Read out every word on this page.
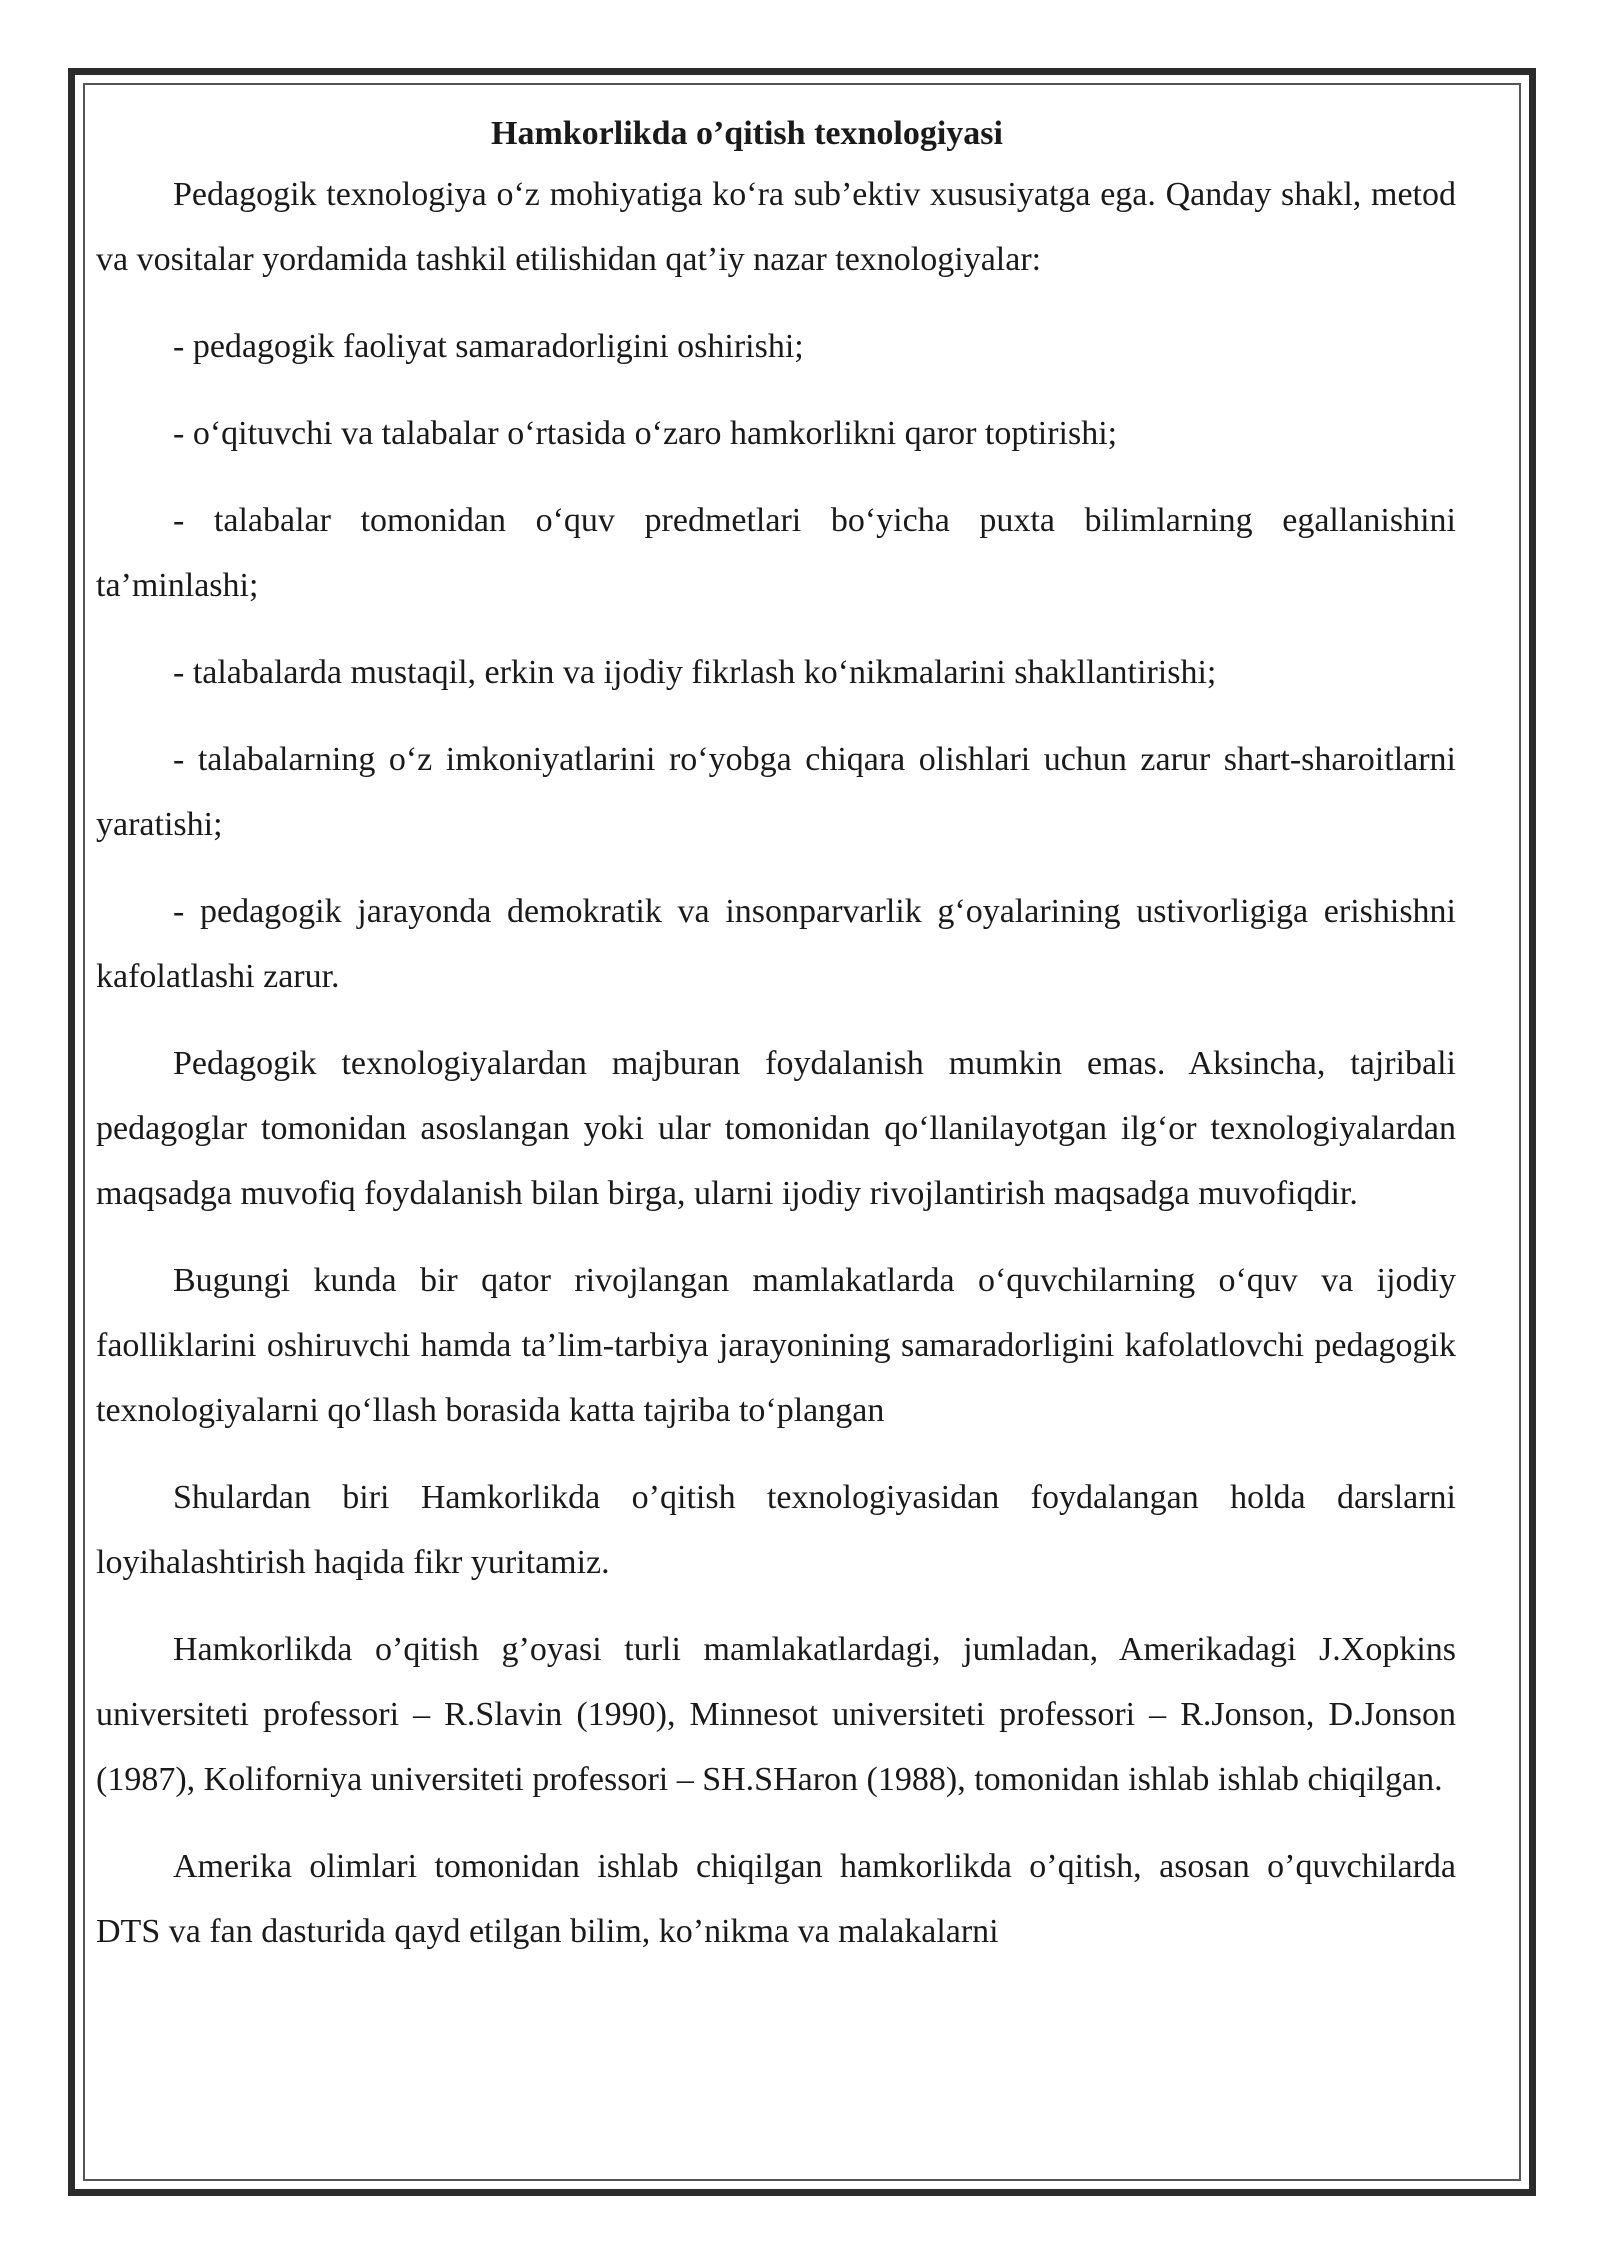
Hamkorlikda o’qitish texnologiyasi

Pedagogik texnologiya o‘z mohiyatiga ko‘ra sub’ektiv xususiyatga ega. Qanday shakl, metod va vositalar yordamida tashkil etilishidan qat’iy nazar texnologiyalar:

- pedagogik faoliyat samaradorligini oshirishi;

- o‘qituvchi va talabalar o‘rtasida o‘zaro hamkorlikni qaror toptirishi;

- talabalar tomonidan o‘quv predmetlari bo‘yicha puxta bilimlarning egallanishini ta’minlashi;

- talabalarda mustaqil, erkin va ijodiy fikrlash ko‘nikmalarini shakllantirishi;

- talabalarning o‘z imkoniyatlarini ro‘yobga chiqara olishlari uchun zarur shart-sharoitlarni yaratishi;

- pedagogik jarayonda demokratik va insonparvarlik g‘oyalarining ustivorligiga erishishni kafolatlashi zarur.

Pedagogik texnologiyalardan majburan foydalanish mumkin emas. Aksincha, tajribali pedagoglar tomonidan asoslangan yoki ular tomonidan qo‘llanilayotgan ilg‘or texnologiyalardan maqsadga muvofiq foydalanish bilan birga, ularni ijodiy rivojlantirish maqsadga muvofiqdir.

Bugungi kunda bir qator rivojlangan mamlakatlarda o‘quvchilarning o‘quv va ijodiy faolliklarini oshiruvchi hamda ta’lim-tarbiya jarayonining samaradorligini kafolatlovchi pedagogik texnologiyalarni qo‘llash borasida katta tajriba to‘plangan

Shulardan biri Hamkorlikda o’qitish texnologiyasidan foydalangan holda darslarni loyihalashtirish haqida fikr yuritamiz.

Hamkorlikda o’qitish g’oyasi turli mamlakatlardagi, jumladan, Amerikadagi J.Xopkins universiteti professori – R.Slavin (1990), Minnesot universiteti professori – R.Jonson, D.Jonson (1987), Koliforniya universiteti professori – SH.SHaron (1988), tomonidan ishlab ishlab chiqilgan.

Amerika olimlari tomonidan ishlab chiqilgan hamkorlikda o’qitish, asosan o’quvchilarda DTS va fan dasturida qayd etilgan bilim, ko’nikma va malakalarni
